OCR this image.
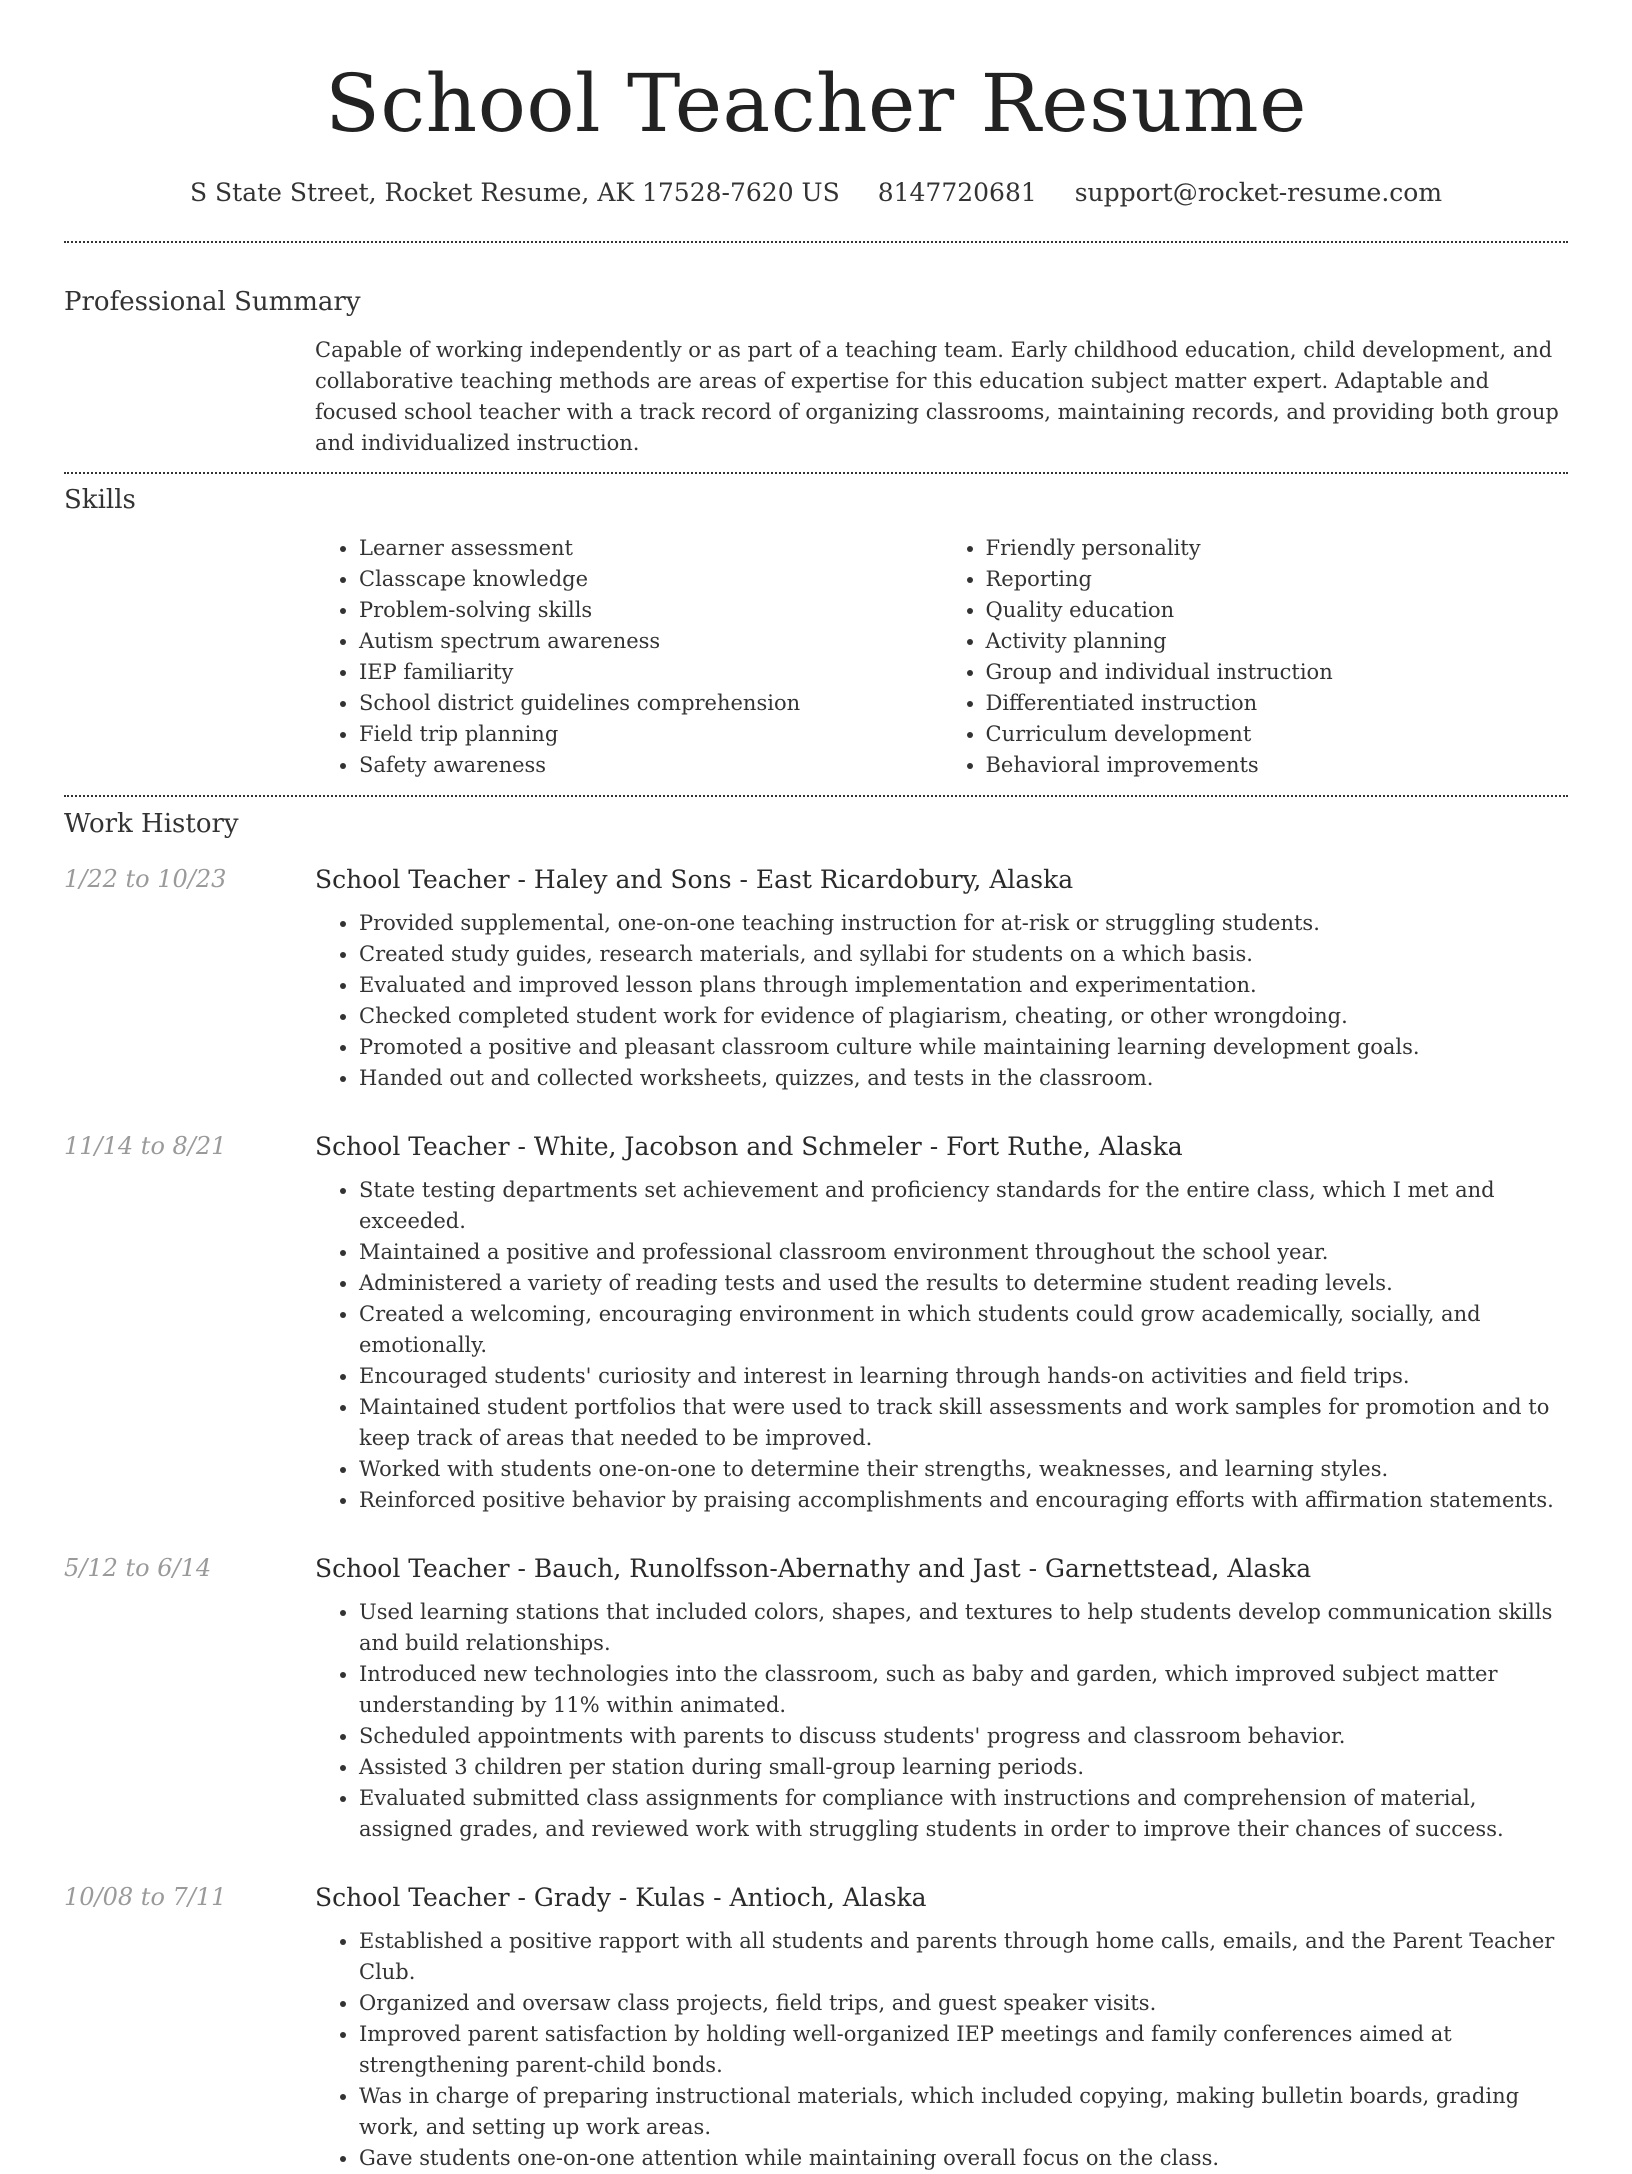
School Teacher Resume
S State Street, Rocket Resume, AK 17528-7620 US 8147720681 support@rocket-resume.com
Professional Summary
Capable of working independently or as part of a teaching team. Early childhood education, child development, and collaborative teaching methods are areas of expertise for this education subject matter expert. Adaptable and focused school teacher with a track record of organizing classrooms, maintaining records, and providing both group and individualized instruction.
Skills
• Learner assessment
• Classcape knowledge
• Problem-solving skills
• Autism spectrum awareness
• IEP familiarity
• School district guidelines comprehension
• Field trip planning
• Safety awareness
• Friendly personality
• Reporting
• Quality education
• Activity planning
• Group and individual instruction
• Differentiated instruction
• Curriculum development
• Behavioral improvements
Work History
1/22 to 10/23	School Teacher - Haley and Sons - East Ricardobury, Alaska
• Provided supplemental, one-on-one teaching instruction for at-risk or struggling students.
• Created study guides, research materials, and syllabi for students on a which basis.
• Evaluated and improved lesson plans through implementation and experimentation.
• Checked completed student work for evidence of plagiarism, cheating, or other wrongdoing.
• Promoted a positive and pleasant classroom culture while maintaining learning development goals.
• Handed out and collected worksheets, quizzes, and tests in the classroom.
11/14 to 8/21	School Teacher - White, Jacobson and Schmeler - Fort Ruthe, Alaska
• State testing departments set achievement and proficiency standards for the entire class, which I met and exceeded.
• Maintained a positive and professional classroom environment throughout the school year.
• Administered a variety of reading tests and used the results to determine student reading levels.
• Created a welcoming, encouraging environment in which students could grow academically, socially, and emotionally.
• Encouraged students' curiosity and interest in learning through hands-on activities and field trips.
• Maintained student portfolios that were used to track skill assessments and work samples for promotion and to keep track of areas that needed to be improved.
• Worked with students one-on-one to determine their strengths, weaknesses, and learning styles.
• Reinforced positive behavior by praising accomplishments and encouraging efforts with affirmation statements.
5/12 to 6/14	School Teacher - Bauch, Runolfsson-Abernathy and Jast - Garnettstead, Alaska
• Used learning stations that included colors, shapes, and textures to help students develop communication skills and build relationships.
• Introduced new technologies into the classroom, such as baby and garden, which improved subject matter understanding by 11% within animated.
• Scheduled appointments with parents to discuss students' progress and classroom behavior.
• Assisted 3 children per station during small-group learning periods.
• Evaluated submitted class assignments for compliance with instructions and comprehension of material, assigned grades, and reviewed work with struggling students in order to improve their chances of success.
10/08 to 7/11	School Teacher - Grady - Kulas - Antioch, Alaska
• Established a positive rapport with all students and parents through home calls, emails, and the Parent Teacher Club.
• Organized and oversaw class projects, field trips, and guest speaker visits.
• Improved parent satisfaction by holding well-organized IEP meetings and family conferences aimed at strengthening parent-child bonds.
• Was in charge of preparing instructional materials, which included copying, making bulletin boards, grading work, and setting up work areas.
• Gave students one-on-one attention while maintaining overall focus on the class.
